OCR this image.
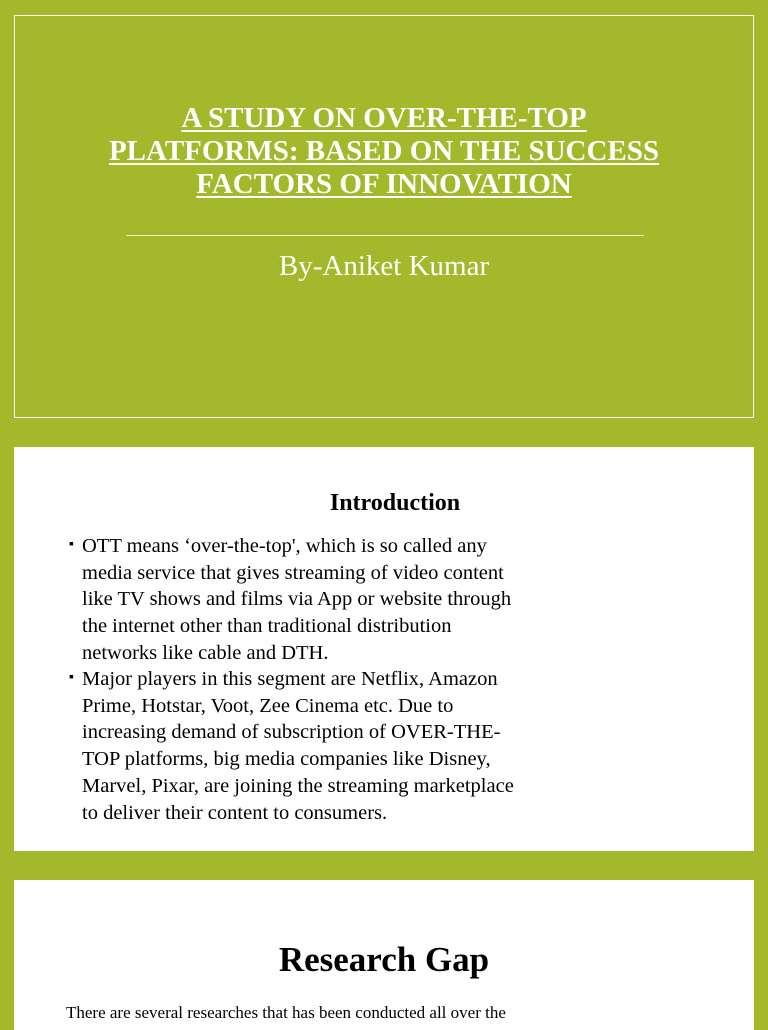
A STUDY ON OVER-THE-TOP
PLATFORMS: BASED ON THE SUCCESS
FACTORS OF INNOVATION
By-Aniket Kumar
Introduction
▪ OTT means ‘over-the-top', which is so called any
media service that gives streaming of video content
like TV shows and films via App or website through
the internet other than traditional distribution
networks like cable and DTH.
▪ Major players in this segment are Netflix, Amazon
Prime, Hotstar, Voot, Zee Cinema etc. Due to
increasing demand of subscription of OVER-THE-
TOP platforms, big media companies like Disney,
Marvel, Pixar, are joining the streaming marketplace
to deliver their content to consumers.
Research Gap
There are several researches that has been conducted all over the
